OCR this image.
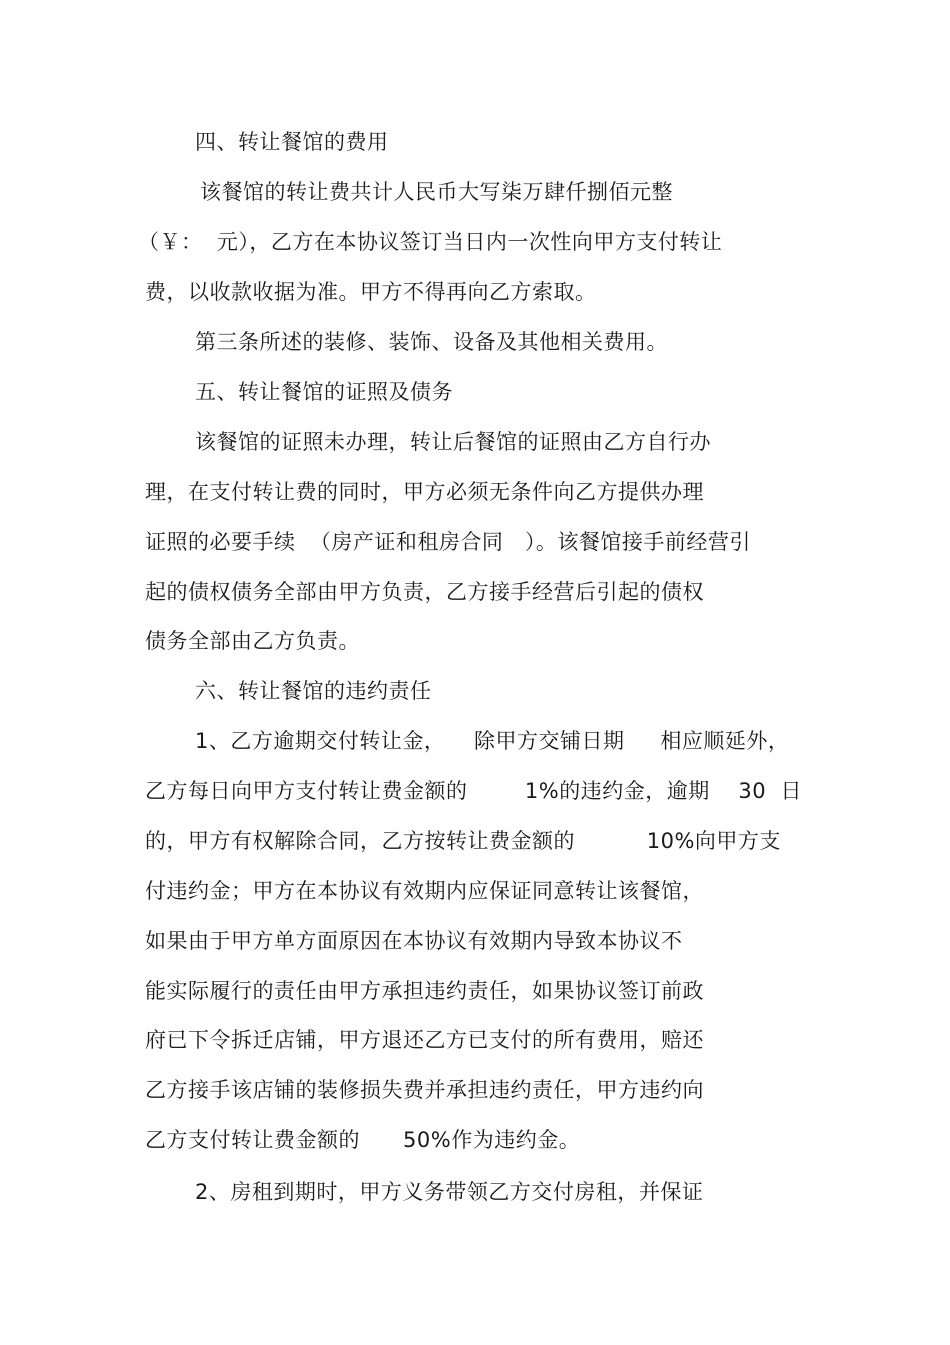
四、转让餐馆的费用
该餐馆的转让费共计人民币大写柒万肆仟捌佰元整
（￥：  元），乙方在本协议签订当日内一次性向甲方支付转让
费，以收款收据为准。甲方不得再向乙方索取。
第三条所述的装修、装饰、设备及其他相关费用。
五、转让餐馆的证照及债务
该餐馆的证照未办理，转让后餐馆的证照由乙方自行办
理，在支付转让费的同时，甲方必须无条件向乙方提供办理
证照的必要手续  （房产证和租房合同   ）。该餐馆接手前经营引
起的债权债务全部由甲方负责，乙方接手经营后引起的债权
债务全部由乙方负责。
六、转让餐馆的违约责任
1、乙方逾期交付转让金，    除甲方交铺日期     相应顺延外，
乙方每日向甲方支付转让费金额的        1%的违约金，逾期    30  日
的，甲方有权解除合同，乙方按转让费金额的          10%向甲方支
付违约金；甲方在本协议有效期内应保证同意转让该餐馆，
如果由于甲方单方面原因在本协议有效期内导致本协议不
能实际履行的责任由甲方承担违约责任，如果协议签订前政
府已下令拆迁店铺，甲方退还乙方已支付的所有费用，赔还
乙方接手该店铺的装修损失费并承担违约责任，甲方违约向
乙方支付转让费金额的      50%作为违约金。
2、房租到期时，甲方义务带领乙方交付房租，并保证
